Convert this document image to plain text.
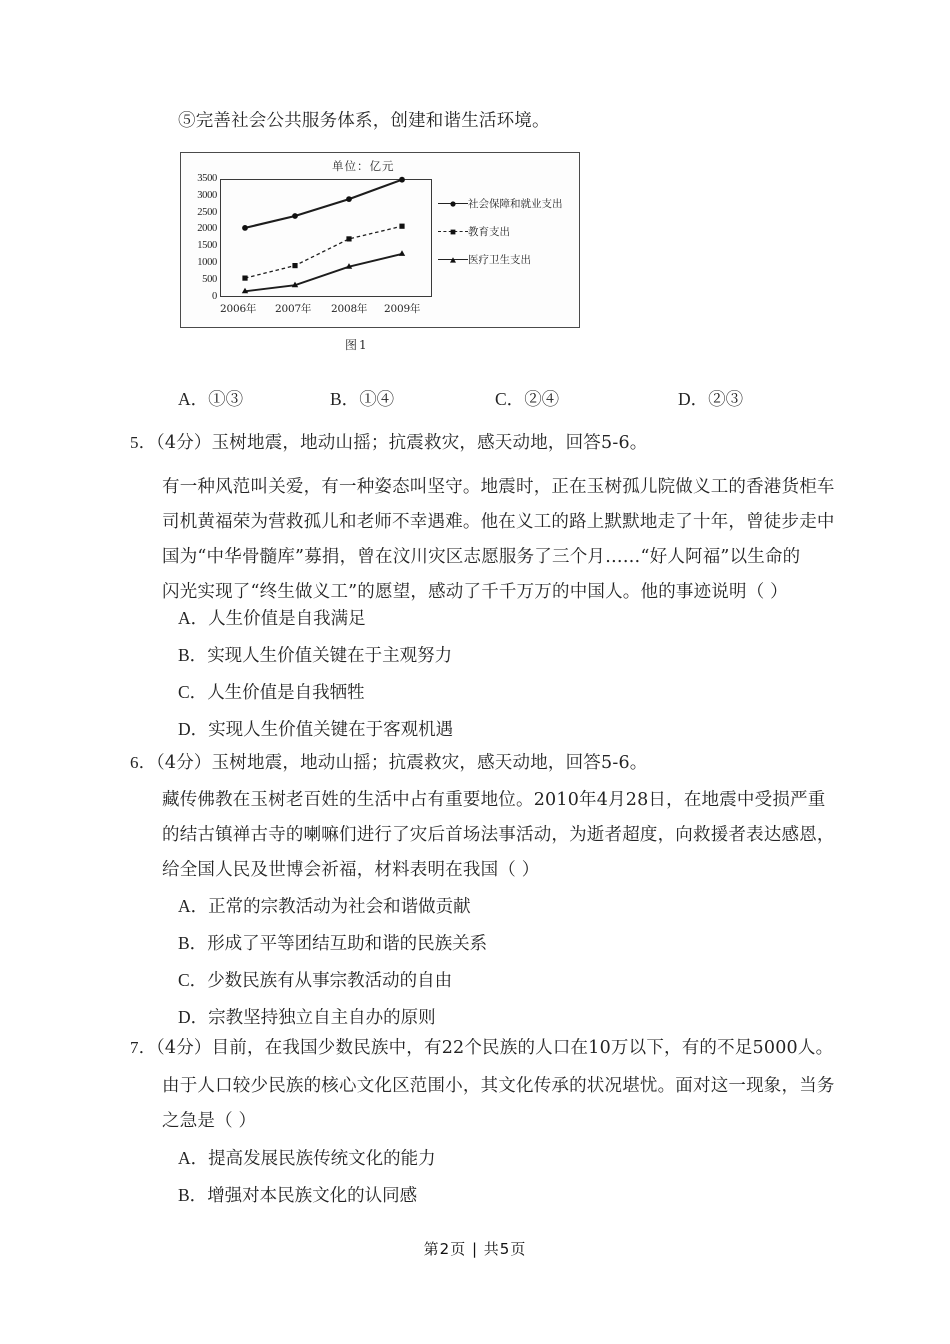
⑤完善社会公共服务体系，创建和谐生活环境。
单位：亿元
3500
3000
2500
2000
1500
1000
500
0
2006年 2007年 2008年 2009年
社会保障和就业支出
教育支出
医疗卫生支出
图1
A．①③	B．①④	C．②④	D．②③
5．（4分）玉树地震，地动山摇；抗震救灾，感天动地，回答5‑6。
有一种风范叫关爱，有一种姿态叫坚守。地震时，正在玉树孤儿院做义工的香港货柜车
司机黄福荣为营救孤儿和老师不幸遇难。他在义工的路上默默地走了十年，曾徒步走中
国为“中华骨髓库”募捐，曾在汶川灾区志愿服务了三个月……“好人阿福”以生命的
闪光实现了“终生做义工”的愿望，感动了千千万万的中国人。他的事迹说明（ ）
A．人生价值是自我满足
B．实现人生价值关键在于主观努力
C．人生价值是自我牺牲
D．实现人生价值关键在于客观机遇
6．（4分）玉树地震，地动山摇；抗震救灾，感天动地，回答5‑6。
藏传佛教在玉树老百姓的生活中占有重要地位。2010年4月28日，在地震中受损严重
的结古镇禅古寺的喇嘛们进行了灾后首场法事活动，为逝者超度，向救援者表达感恩，
给全国人民及世博会祈福，材料表明在我国（ ）
A．正常的宗教活动为社会和谐做贡献
B．形成了平等团结互助和谐的民族关系
C．少数民族有从事宗教活动的自由
D．宗教坚持独立自主自办的原则
7．（4分）目前，在我国少数民族中，有22个民族的人口在10万以下，有的不足5000人。
由于人口较少民族的核心文化区范围小，其文化传承的状况堪忧。面对这一现象，当务
之急是（ ）
A．提高发展民族传统文化的能力
B．增强对本民族文化的认同感
第2页 | 共5页
